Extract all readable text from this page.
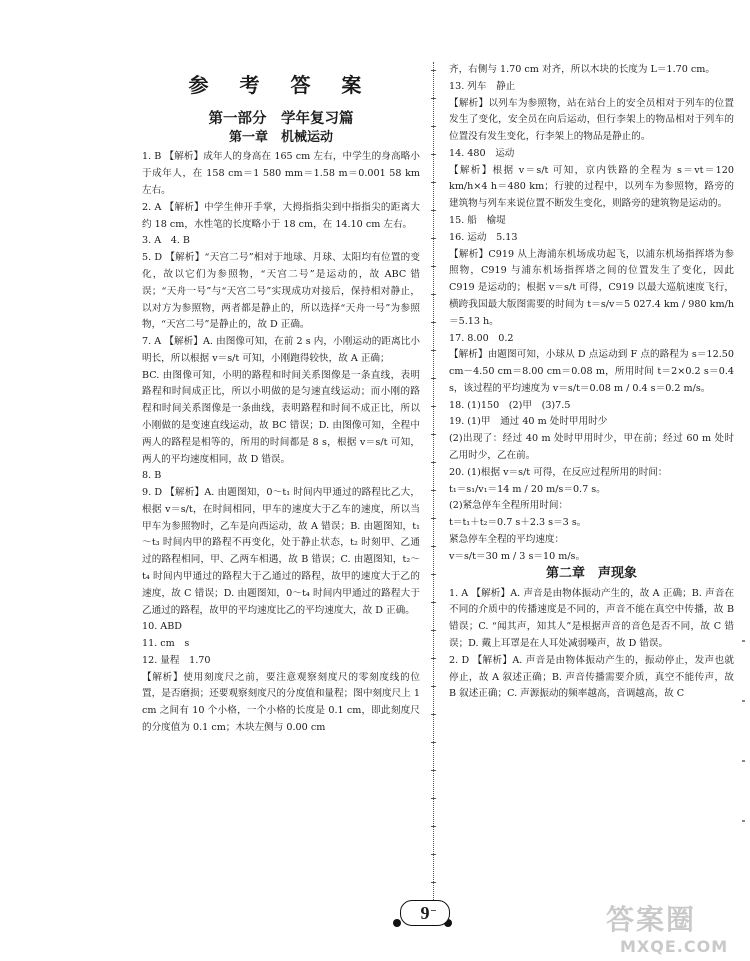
参 考 答 案
第一部分　学年复习篇
第一章　机械运动

1. B 【解析】成年人的身高在 165 cm 左右，中学生的身高略小于成年人，在 158 cm＝1 580 mm＝1.58 m＝0.001 58 km 左右。

2. A 【解析】中学生伸开手掌，大拇指指尖到中指指尖的距离大约 18 cm，水性笔的长度略小于 18 cm，在 14.10 cm 左右。

3. A　4. B

5. D 【解析】“天宫二号”相对于地球、月球、太阳均有位置的变化，故以它们为参照物，“天宫二号”是运动的，故 ABC 错误；“天舟一号”与“天宫二号”实现成功对接后，保持相对静止，以对方为参照物，两者都是静止的，所以选择“天舟一号”为参照物，“天宫二号”是静止的，故 D 正确。

7. A 【解析】A. 由图像可知，在前 2 s 内，小刚运动的距离比小明长，所以根据 v＝s/t 可知，小刚跑得较快，故 A 正确；

BC. 由图像可知，小明的路程和时间关系图像是一条直线，表明路程和时间成正比，所以小明做的是匀速直线运动；而小刚的路程和时间关系图像是一条曲线，表明路程和时间不成正比，所以小刚做的是变速直线运动，故 BC 错误；D. 由图像可知，全程中两人的路程是相等的，所用的时间都是 8 s，根据 v＝s/t 可知，两人的平均速度相同，故 D 错误。

8. B

9. D 【解析】A. 由题图知，0～t₁ 时间内甲通过的路程比乙大，根据 v＝s/t，在时间相同，甲车的速度大于乙车的速度，所以当甲车为参照物时，乙车是向西运动，故 A 错误；B. 由题图知，t₁～t₃ 时间内甲的路程不再变化，处于静止状态，t₂ 时刻甲、乙通过的路程相同，甲、乙两车相遇，故 B 错误；C. 由题图知，t₂～t₄ 时间内甲通过的路程大于乙通过的路程，故甲的速度大于乙的速度，故 C 错误；D. 由题图知，0～t₄ 时间内甲通过的路程大于乙通过的路程，故甲的平均速度比乙的平均速度大，故 D 正确。

10. ABD

11. cm　s

12. 量程　1.70

【解析】使用刻度尺之前，要注意观察刻度尺的零刻度线的位置，是否磨损；还要观察刻度尺的分度值和量程；图中刻度尺上 1 cm 之间有 10 个小格，一个小格的长度是 0.1 cm，即此刻度尺的分度值为 0.1 cm；木块左侧与 0.00 cm

齐，右侧与 1.70 cm 对齐，所以木块的长度为 L＝1.70 cm。

13. 列车　静止

【解析】以列车为参照物，站在站台上的安全员相对于列车的位置发生了变化，安全员在向后运动，但行李架上的物品相对于列车的位置没有发生变化，行李架上的物品是静止的。

14. 480　运动

【解析】根据 v＝s/t 可知，京内铁路的全程为 s＝vt＝120 km/h×4 h＝480 km；行驶的过程中，以列车为参照物，路旁的建筑物与列车来说位置不断发生变化，则路旁的建筑物是运动的。

15. 船　榆堤

16. 运动　5.13

【解析】C919 从上海浦东机场成功起飞，以浦东机场指挥塔为参照物，C919 与浦东机场指挥塔之间的位置发生了变化，因此 C919 是运动的；根据 v＝s/t 可得，C919 以最大巡航速度飞行，横跨我国最大版图需要的时间为 t＝s/v＝5 027.4 km / 980 km/h＝5.13 h。

17. 8.00　0.2

【解析】由题图可知，小球从 D 点运动到 F 点的路程为 s＝12.50 cm－4.50 cm＝8.00 cm＝0.08 m，所用时间 t＝2×0.2 s＝0.4 s，该过程的平均速度为 v＝s/t＝0.08 m / 0.4 s＝0.2 m/s。

18. (1)150　(2)甲　(3)7.5

19. (1)甲　通过 40 m 处时甲用时少

(2)出现了：经过 40 m 处时甲用时少，甲在前；经过 60 m 处时乙用时少，乙在前。

20. (1)根据 v＝s/t 可得，在反应过程所用的时间：

t₁＝s₁/v₁＝14 m / 20 m/s＝0.7 s。

(2)紧急停车全程所用时间：

t＝t₁＋t₂＝0.7 s＋2.3 s＝3 s。

紧急停车全程的平均速度：

v＝s/t＝30 m / 3 s＝10 m/s。

第二章　声现象

1. A 【解析】A. 声音是由物体振动产生的，故 A 正确；B. 声音在不同的介质中的传播速度是不同的，声音不能在真空中传播，故 B 错误；C. “闻其声，知其人”是根据声音的音色是否不同，故 C 错误；D. 戴上耳罩是在人耳处减弱噪声，故 D 错误。

2. D 【解析】A. 声音是由物体振动产生的，振动停止，发声也就停止，故 A 叙述正确；B. 声音传播需要介质，真空不能传声，故 B 叙述正确；C. 声源振动的频率越高，音调越高，故 C

9	答案圈
MXQE.COM
